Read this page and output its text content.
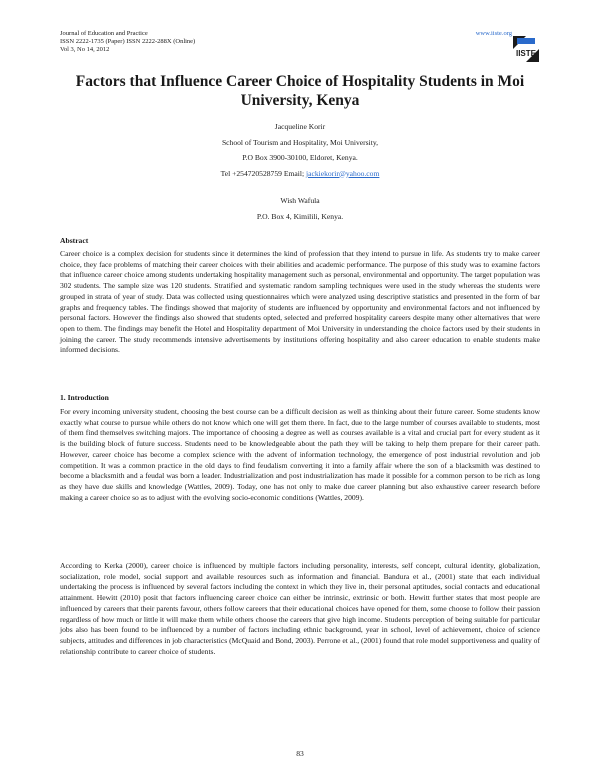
Journal of Education and Practice
ISSN 2222-1735 (Paper) ISSN 2222-288X (Online)
Vol 3, No 14, 2012
www.iiste.org
IISTE
Factors that Influence Career Choice of Hospitality Students in Moi University, Kenya
Jacqueline Korir
School of Tourism and Hospitality, Moi University,
P.O Box 3900-30100, Eldoret, Kenya.
Tel +254720528759 Email; jackiekorir@yahoo.com
Wish Wafula
P.O. Box 4, Kimilili, Kenya.
Abstract
Career choice is a complex decision for students since it determines the kind of profession that they intend to pursue in life. As students try to make career choice, they face problems of matching their career choices with their abilities and academic performance. The purpose of this study was to examine factors that influence career choice among students undertaking hospitality management such as personal, environmental and opportunity. The target population was 302 students. The sample size was 120 students. Stratified and systematic random sampling techniques were used in the study whereas the students were grouped in strata of year of study. Data was collected using questionnaires which were analyzed using descriptive statistics and presented in the form of bar graphs and frequency tables. The findings showed that majority of students are influenced by opportunity and environmental factors and not influenced by personal factors. However the findings also showed that students opted, selected and preferred hospitality careers despite many other alternatives that were open to them. The findings may benefit the Hotel and Hospitality department of Moi University in understanding the choice factors used by their students in joining the career. The study recommends intensive advertisements by institutions offering hospitality and also career education to enable students make informed decisions.
1. Introduction
For every incoming university student, choosing the best course can be a difficult decision as well as thinking about their future career. Some students know exactly what course to pursue while others do not know which one will get them there. In fact, due to the large number of courses available to students, most of them find themselves switching majors. The importance of choosing a degree as well as courses available is a vital and crucial part for every student as it is the building block of future success. Students need to be knowledgeable about the path they will be taking to help them prepare for their career path. However, career choice has become a complex science with the advent of information technology, the emergence of post industrial revolution and job competition. It was a common practice in the old days to find feudalism converting it into a family affair where the son of a blacksmith was destined to become a blacksmith and a feudal was born a leader. Industrialization and post industrialization has made it possible for a common person to be rich as long as they have due skills and knowledge (Wattles, 2009). Today, one has not only to make due career planning but also exhaustive career research before making a career choice so as to adjust with the evolving socio-economic conditions (Wattles, 2009).
According to Kerka (2000), career choice is influenced by multiple factors including personality, interests, self concept, cultural identity, globalization, socialization, role model, social support and available resources such as information and financial. Bandura et al., (2001) state that each individual undertaking the process is influenced by several factors including the context in which they live in, their personal aptitudes, social contacts and educational attainment. Hewitt (2010) posit that factors influencing career choice can either be intrinsic, extrinsic or both. Hewitt further states that most people are influenced by careers that their parents favour, others follow careers that their educational choices have opened for them, some choose to follow their passion regardless of how much or little it will make them while others choose the careers that give high income. Students perception of being suitable for particular jobs also has been found to be influenced by a number of factors including ethnic background, year in school, level of achievement, choice of science subjects, attitudes and differences in job characteristics (McQuaid and Bond, 2003). Perrone et al., (2001) found that role model supportiveness and quality of relationship contribute to career choice of students.
83
